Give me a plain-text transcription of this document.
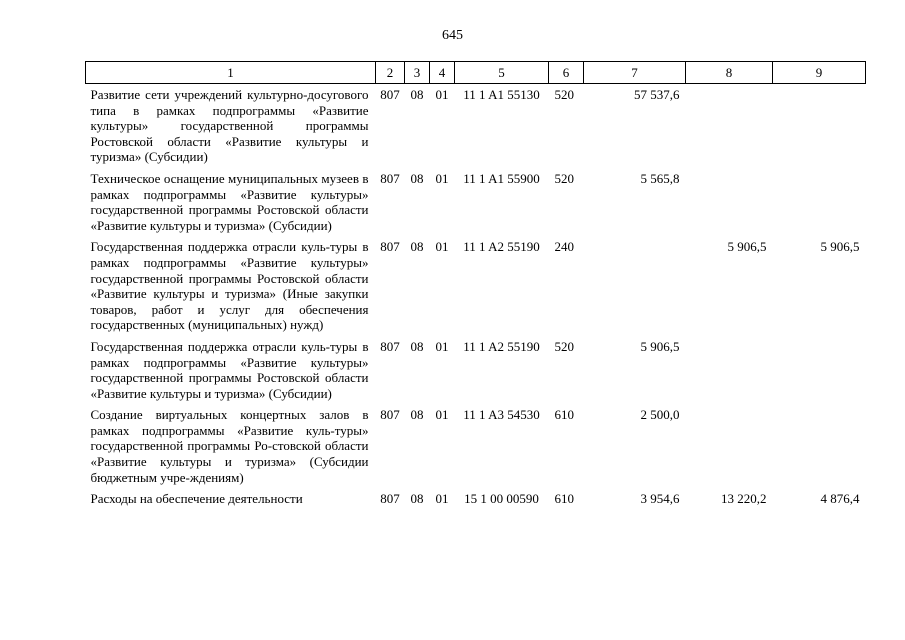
645
1	2	3	4	5	6	7	8	9
Развитие сети учреждений культурно-досугового типа в рамках подпрограммы «Развитие культуры» государственной программы Ростовской области «Развитие культуры и туризма» (Субсидии)	807	08	01	11 1 A1 55130	520	57 537,6		
Техническое оснащение муниципальных музеев в рамках подпрограммы «Развитие культуры» государственной программы Ростовской области «Развитие культуры и туризма» (Субсидии)	807	08	01	11 1 A1 55900	520	5 565,8		
Государственная поддержка отрасли куль-туры в рамках подпрограммы «Развитие культуры» государственной программы Ростовской области «Развитие культуры и туризма» (Иные закупки товаров, работ и услуг для обеспечения государственных (муниципальных) нужд)	807	08	01	11 1 A2 55190	240		5 906,5	5 906,5
Государственная поддержка отрасли куль-туры в рамках подпрограммы «Развитие культуры» государственной программы Ростовской области «Развитие культуры и туризма» (Субсидии)	807	08	01	11 1 A2 55190	520	5 906,5		
Создание виртуальных концертных залов в рамках подпрограммы «Развитие куль-туры» государственной программы Ро-стовской области «Развитие культуры и туризма» (Субсидии бюджетным учре-ждениям)	807	08	01	11 1 A3 54530	610	2 500,0		
Расходы на обеспечение деятельности	807	08	01	15 1 00 00590	610	3 954,6	13 220,2	4 876,4
